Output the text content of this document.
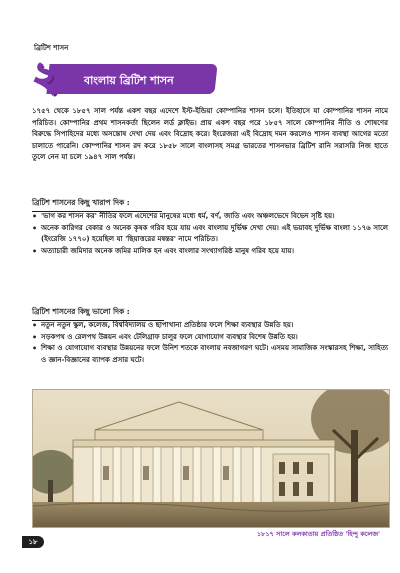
ব্রিটিশ শাসন
২	বাংলায় ব্রিটিশ শাসন
১৭৫৭ থেকে ১৮৫৭ সাল পর্যন্ত একশ বছর এদেশে ইস্ট-ইন্ডিয়া কোম্পানির শাসন চলে। ইতিহাসে যা কোম্পানির শাসন নামে পরিচিত। কোম্পানির প্রথম শাসনকর্তা ছিলেন লর্ড ক্লাইভ। প্রায় একশ বছর পরে ১৮৫৭ সালে কোম্পানির নীতি ও শোষণের বিরুদ্ধে সিপাহিদের মধ্যে অসন্তোষ দেখা দেয় এবং বিদ্রোহ করে। ইংরেজরা এই বিদ্রোহ দমন করলেও শাসন ব্যবস্থা আগের মতো চালাতে পারেনি। কোম্পানির শাসন রদ করে ১৮৫৮ সালে বাংলাসহ সমগ্র ভারতের শাসনভার ব্রিটিশ রানি সরাসরি নিজ হাতে তুলে নেন যা চলে ১৯৪৭ সাল পর্যন্ত।
ব্রিটিশ শাসনের কিছু খারাপ দিক :
• 'ভাগ কর শাসন কর' নীতির ফলে এদেশের মানুষের মধ্যে ধর্ম, বর্ণ, জাতি এবং অঞ্চলভেদে বিভেদ সৃষ্টি হয়।
• অনেক কারিগর বেকার ও অনেক কৃষক গরিব হয়ে যায় এবং বাংলায় দুর্ভিক্ষ দেখা দেয়। এই ভয়াবহ দুর্ভিক্ষ বাংলা ১১৭৬ সালে (ইংরেজি ১৭৭০) হয়েছিল যা 'ছিয়াত্তরের মন্বন্তর' নামে পরিচিত।
• অত্যাচারী জমিদার অনেক জমির মালিক হন এবং বাংলার সংখ্যাগরিষ্ঠ মানুষ গরিব হয়ে যায়।
ব্রিটিশ শাসনের কিছু ভালো দিক :
• নতুন নতুন স্কুল, কলেজ, বিশ্ববিদ্যালয় ও ছাপাখানা প্রতিষ্ঠার ফলে শিক্ষা ব্যবস্থার উন্নতি হয়।
• সড়কপথ ও রেলপথ উন্নয়ন এবং টেলিগ্রাফ চালুর ফলে যোগাযোগ ব্যবস্থার বিশেষ উন্নতি হয়।
• শিক্ষা ও যোগাযোগ ব্যবস্থার উন্নয়নের ফলে উনিশ শতকে বাংলায় নবজাগরণ ঘটে। এসময় সামাজিক সংস্কারসহ শিক্ষা, সাহিত্য ও জ্ঞান-বিজ্ঞানের ব্যাপক প্রসার ঘটে।
১৮১৭ সালে কলকাতায় প্রতিষ্ঠিত 'হিন্দু কলেজ'
১৮
